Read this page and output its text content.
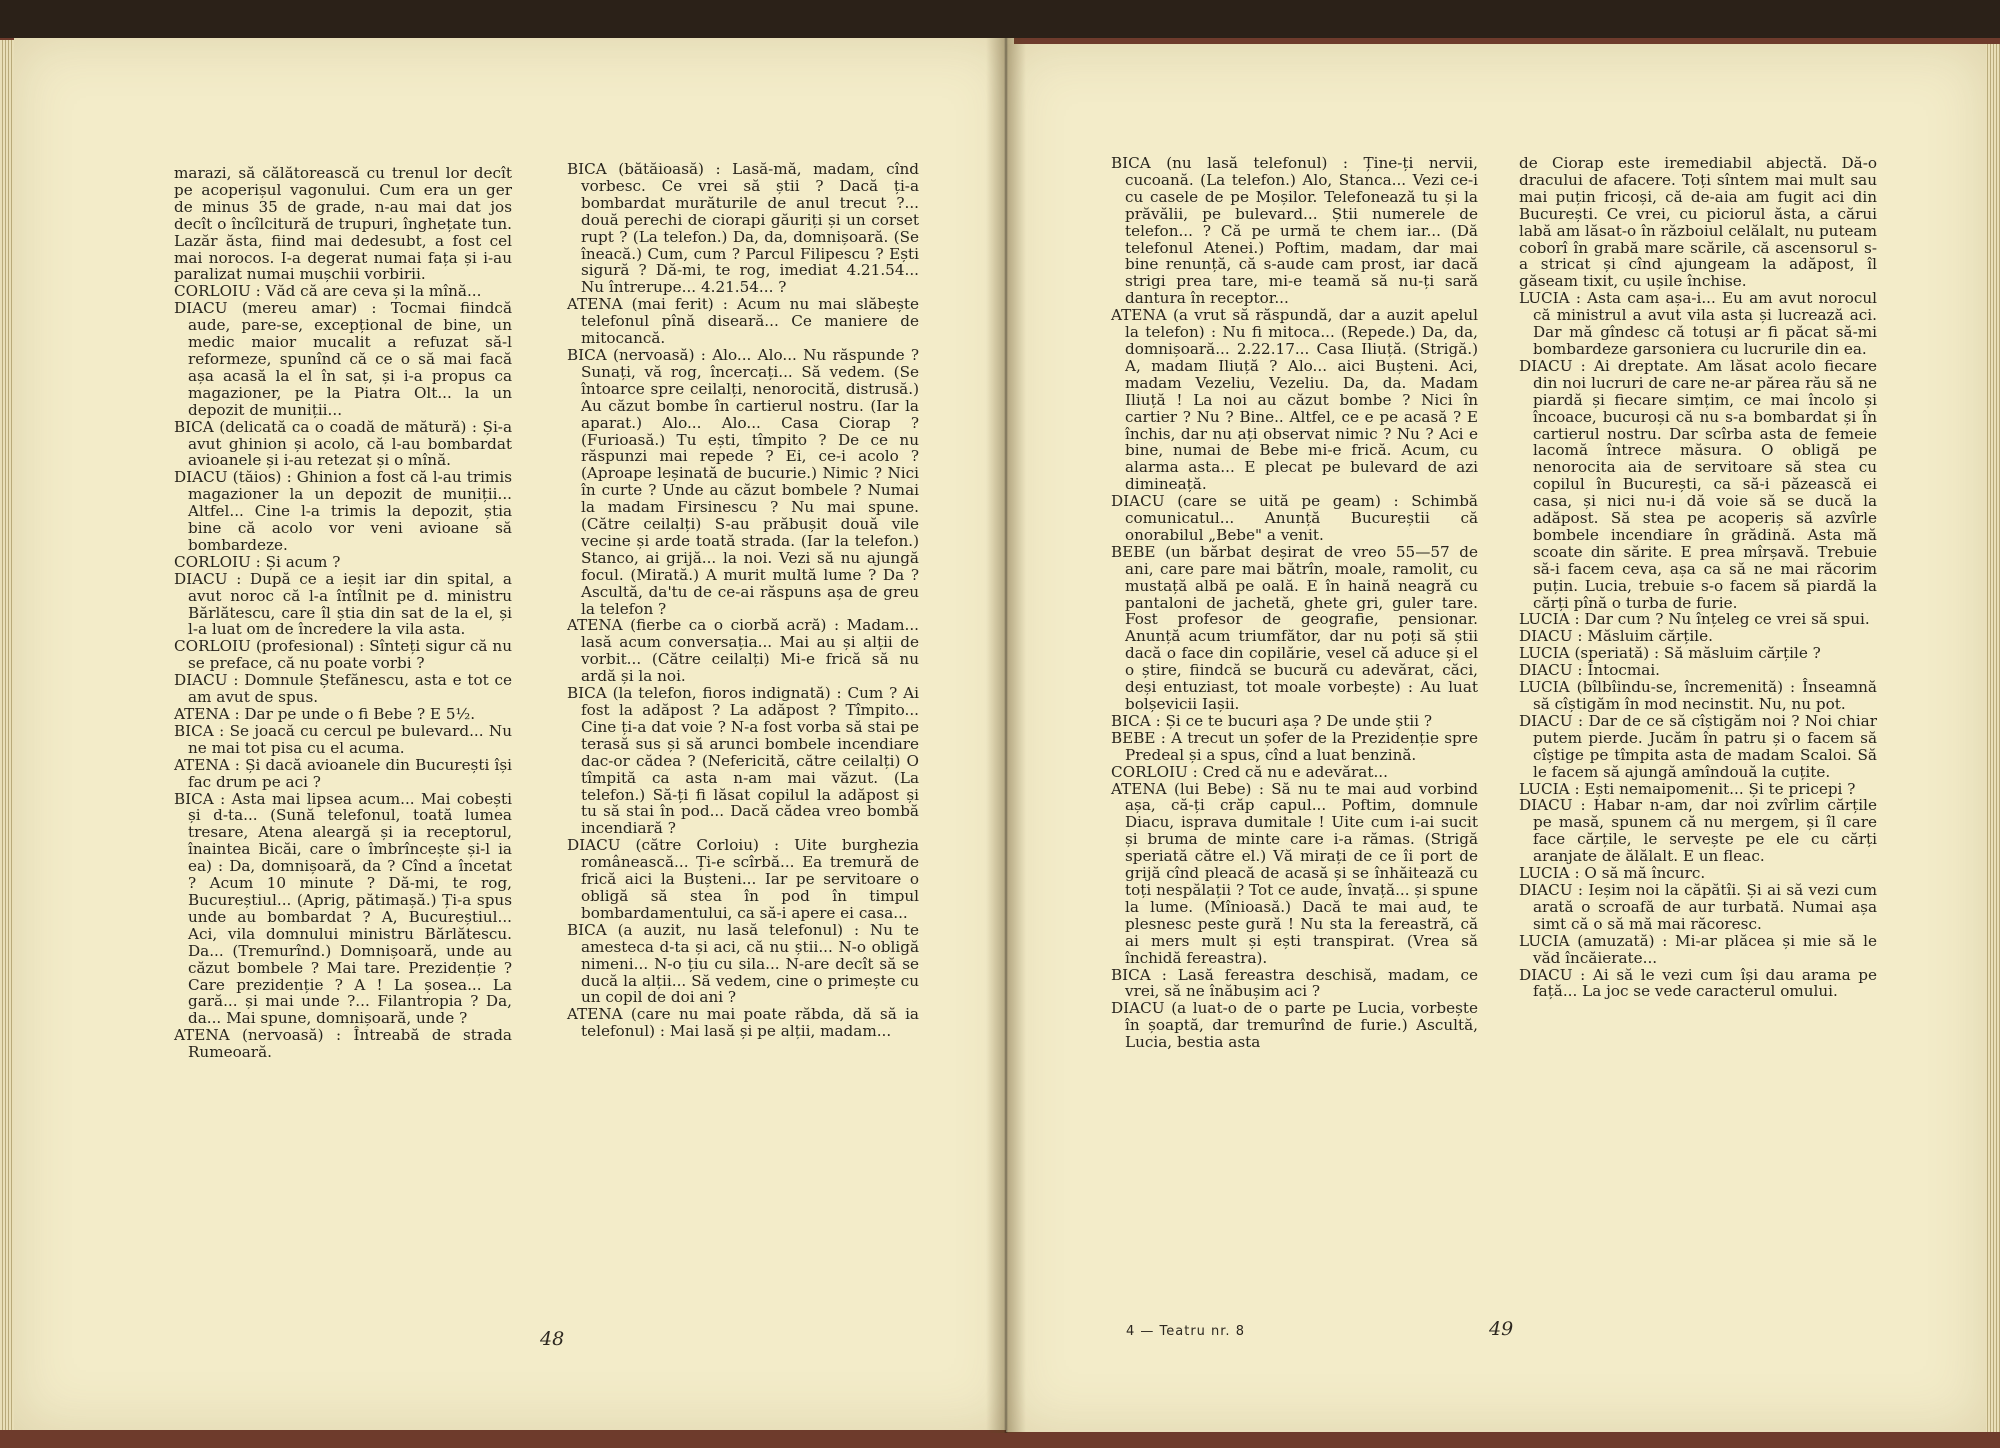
marazi, să călătorească cu trenul lor decît pe acoperișul vagonului. Cum era un ger de minus 35 de grade, n-au mai dat jos decît o încîlcitură de trupuri, înghețate tun. Lazăr ăsta, fiind mai dedesubt, a fost cel mai norocos. I-a degerat numai fața și i-au paralizat numai mușchii vorbirii.

CORLOIU : Văd că are ceva și la mînă...

DIACU (mereu amar) : Tocmai fiindcă aude, pare-se, excepțional de bine, un medic maior mucalit a refuzat să-l reformeze, spunînd că ce o să mai facă așa acasă la el în sat, și i-a propus ca magazioner, pe la Piatra Olt... la un depozit de muniții...

BICA (delicată ca o coadă de mătură) : Și-a avut ghinion și acolo, că l-au bombardat avioanele și i-au retezat și o mînă.

DIACU (tăios) : Ghinion a fost că l-au trimis magazioner la un depozit de muniții... Altfel... Cine l-a trimis la depozit, știa bine că acolo vor veni avioane să bombardeze.

CORLOIU : Și acum ?

DIACU : După ce a ieșit iar din spital, a avut noroc că l-a întîlnit pe d. ministru Bărlătescu, care îl știa din sat de la el, și l-a luat om de încredere la vila asta.

CORLOIU (profesional) : Sînteți sigur că nu se preface, că nu poate vorbi ?

DIACU : Domnule Ștefănescu, asta e tot ce am avut de spus.

ATENA : Dar pe unde o fi Bebe ? E 5½.

BICA : Se joacă cu cercul pe bulevard... Nu ne mai tot pisa cu el acuma.

ATENA : Și dacă avioanele din București își fac drum pe aci ?

BICA : Asta mai lipsea acum... Mai cobești și d-ta... (Sună telefonul, toată lumea tresare, Atena aleargă și ia receptorul, înaintea Bicăi, care o îmbrîncește și-l ia ea) : Da, domnișoară, da ? Cînd a încetat ? Acum 10 minute ? Dă-mi, te rog, Bucureștiul... (Aprig, pătimașă.) Ți-a spus unde au bombardat ? A, Bucureștiul... Aci, vila domnului ministru Bărlătescu. Da... (Tremurînd.) Domnișoară, unde au căzut bombele ? Mai tare. Prezidenție ? Care prezidenție ? A ! La șosea... La gară... și mai unde ?... Filantropia ? Da, da... Mai spune, domnișoară, unde ?

ATENA (nervoasă) : Întreabă de strada Rumeoară.

BICA (bătăioasă) : Lasă-mă, madam, cînd vorbesc. Ce vrei să știi ? Dacă ți-a bombardat murăturile de anul trecut ?... două perechi de ciorapi găuriți și un corset rupt ? (La telefon.) Da, da, domnișoară. (Se îneacă.) Cum, cum ? Parcul Filipescu ? Ești sigură ? Dă-mi, te rog, imediat 4.21.54... Nu întrerupe... 4.21.54... ?

ATENA (mai ferit) : Acum nu mai slăbește telefonul pînă diseară... Ce maniere de mitocancă.

BICA (nervoasă) : Alo... Alo... Nu răspunde ? Sunați, vă rog, încercați... Să vedem. (Se întoarce spre ceilalți, nenorocită, distrusă.) Au căzut bombe în cartierul nostru. (Iar la aparat.) Alo... Alo... Casa Ciorap ? (Furioasă.) Tu ești, tîmpito ? De ce nu răspunzi mai repede ? Ei, ce-i acolo ? (Aproape leșinată de bucurie.) Nimic ? Nici în curte ? Unde au căzut bombele ? Numai la madam Firsinescu ? Nu mai spune. (Către ceilalți) S-au prăbușit două vile vecine și arde toată strada. (Iar la telefon.) Stanco, ai grijă... la noi. Vezi să nu ajungă focul. (Mirată.) A murit multă lume ? Da ? Ascultă, da'tu de ce-ai răspuns așa de greu la telefon ?

ATENA (fierbe ca o ciorbă acră) : Madam... lasă acum conversația... Mai au și alții de vorbit... (Către ceilalți) Mi-e frică să nu ardă și la noi.

BICA (la telefon, fioros indignată) : Cum ? Ai fost la adăpost ? La adăpost ? Tîmpito... Cine ți-a dat voie ? N-a fost vorba să stai pe terasă sus și să arunci bombele incendiare dac-or cădea ? (Nefericită, către ceilalți) O tîmpită ca asta n-am mai văzut. (La telefon.) Să-ți fi lăsat copilul la adăpost și tu să stai în pod... Dacă cădea vreo bombă incendiară ?

DIACU (către Corloiu) : Uite burghezia românească... Ți-e scîrbă... Ea tremură de frică aici la Bușteni... Iar pe servitoare o obligă să stea în pod în timpul bombardamentului, ca să-i apere ei casa...

BICA (a auzit, nu lasă telefonul) : Nu te amesteca d-ta și aci, că nu știi... N-o obligă nimeni... N-o țiu cu sila... N-are decît să se ducă la alții... Să vedem, cine o primește cu un copil de doi ani ?

ATENA (care nu mai poate răbda, dă să ia telefonul) : Mai lasă și pe alții, madam...

BICA (nu lasă telefonul) : Ține-ți nervii, cucoană. (La telefon.) Alo, Stanca... Vezi ce-i cu casele de pe Moșilor. Telefonează tu și la prăvălii, pe bulevard... Știi numerele de telefon... ? Că pe urmă te chem iar... (Dă telefonul Atenei.) Poftim, madam, dar mai bine renunță, că s-aude cam prost, iar dacă strigi prea tare, mi-e teamă să nu-ți sară dantura în receptor...

ATENA (a vrut să răspundă, dar a auzit apelul la telefon) : Nu fi mitoca... (Repede.) Da, da, domnișoară... 2.22.17... Casa Iliuță. (Strigă.) A, madam Iliuță ? Alo... aici Bușteni. Aci, madam Vezeliu, Vezeliu. Da, da. Madam Iliuță ! La noi au căzut bombe ? Nici în cartier ? Nu ? Bine.. Altfel, ce e pe acasă ? E închis, dar nu ați observat nimic ? Nu ? Aci e bine, numai de Bebe mi-e frică. Acum, cu alarma asta... E plecat pe bulevard de azi dimineață.

DIACU (care se uită pe geam) : Schimbă comunicatul... Anunță Bucureștii că onorabilul „Bebe" a venit.

BEBE (un bărbat deșirat de vreo 55—57 de ani, care pare mai bătrîn, moale, ramolit, cu mustață albă pe oală. E în haină neagră cu pantaloni de jachetă, ghete gri, guler tare. Fost profesor de geografie, pensionar. Anunță acum triumfător, dar nu poți să știi dacă o face din copilărie, vesel că aduce și el o știre, fiindcă se bucură cu adevărat, căci, deși entuziast, tot moale vorbește) : Au luat bolșevicii Iașii.

BICA : Și ce te bucuri așa ? De unde știi ?

BEBE : A trecut un șofer de la Prezidenție spre Predeal și a spus, cînd a luat benzină.

CORLOIU : Cred că nu e adevărat...

ATENA (lui Bebe) : Să nu te mai aud vorbind așa, că-ți crăp capul... Poftim, domnule Diacu, isprava dumitale ! Uite cum i-ai sucit și bruma de minte care i-a rămas. (Strigă speriată către el.) Vă mirați de ce îi port de grijă cînd pleacă de acasă și se înhăitează cu toți nespălații ? Tot ce aude, învață... și spune la lume. (Mînioasă.) Dacă te mai aud, te plesnesc peste gură ! Nu sta la fereastră, că ai mers mult și ești transpirat. (Vrea să închidă fereastra).

BICA : Lasă fereastra deschisă, madam, ce vrei, să ne înăbușim aci ?

DIACU (a luat-o de o parte pe Lucia, vorbește în șoaptă, dar tremurînd de furie.) Ascultă, Lucia, bestia asta

de Ciorap este iremediabil abjectă. Dă-o dracului de afacere. Toți sîntem mai mult sau mai puțin fricoși, că de-aia am fugit aci din București. Ce vrei, cu piciorul ăsta, a cărui labă am lăsat-o în războiul celălalt, nu puteam coborî în grabă mare scările, că ascensorul s-a stricat și cînd ajungeam la adăpost, îl găseam tixit, cu ușile închise.

LUCIA : Asta cam așa-i... Eu am avut norocul că ministrul a avut vila asta și lucrează aci. Dar mă gîndesc că totuși ar fi păcat să-mi bombardeze garsoniera cu lucrurile din ea.

DIACU : Ai dreptate. Am lăsat acolo fiecare din noi lucruri de care ne-ar părea rău să ne piardă și fiecare simțim, ce mai încolo și încoace, bucuroși că nu s-a bombardat și în cartierul nostru. Dar scîrba asta de femeie lacomă întrece măsura. O obligă pe nenorocita aia de servitoare să stea cu copilul în București, ca să-i păzească ei casa, și nici nu-i dă voie să se ducă la adăpost. Să stea pe acoperiș să azvîrle bombele incendiare în grădină. Asta mă scoate din sărite. E prea mîrșavă. Trebuie să-i facem ceva, așa ca să ne mai răcorim puțin. Lucia, trebuie s-o facem să piardă la cărți pînă o turba de furie.

LUCIA : Dar cum ? Nu înțeleg ce vrei să spui.

DIACU : Măsluim cărțile.

LUCIA (speriată) : Să măsluim cărțile ?

DIACU : Întocmai.

LUCIA (bîlbîindu-se, încremenită) : Înseamnă să cîștigăm în mod necinstit. Nu, nu pot.

DIACU : Dar de ce să cîștigăm noi ? Noi chiar putem pierde. Jucăm în patru și o facem să cîștige pe tîmpita asta de madam Scaloi. Să le facem să ajungă amîndouă la cuțite.

LUCIA : Ești nemaipomenit... Și te pricepi ?

DIACU : Habar n-am, dar noi zvîrlim cărțile pe masă, spunem că nu mergem, și îl care face cărțile, le servește pe ele cu cărți aranjate de ălălalt. E un fleac.

LUCIA : O să mă încurc.

DIACU : Ieșim noi la căpătîi. Și ai să vezi cum arată o scroafă de aur turbată. Numai așa simt că o să mă mai răcoresc.

LUCIA (amuzată) : Mi-ar plăcea și mie să le văd încăierate...

DIACU : Ai să le vezi cum își dau arama pe față... La joc se vede caracterul omului.

48	4 — Teatru nr. 8	49
